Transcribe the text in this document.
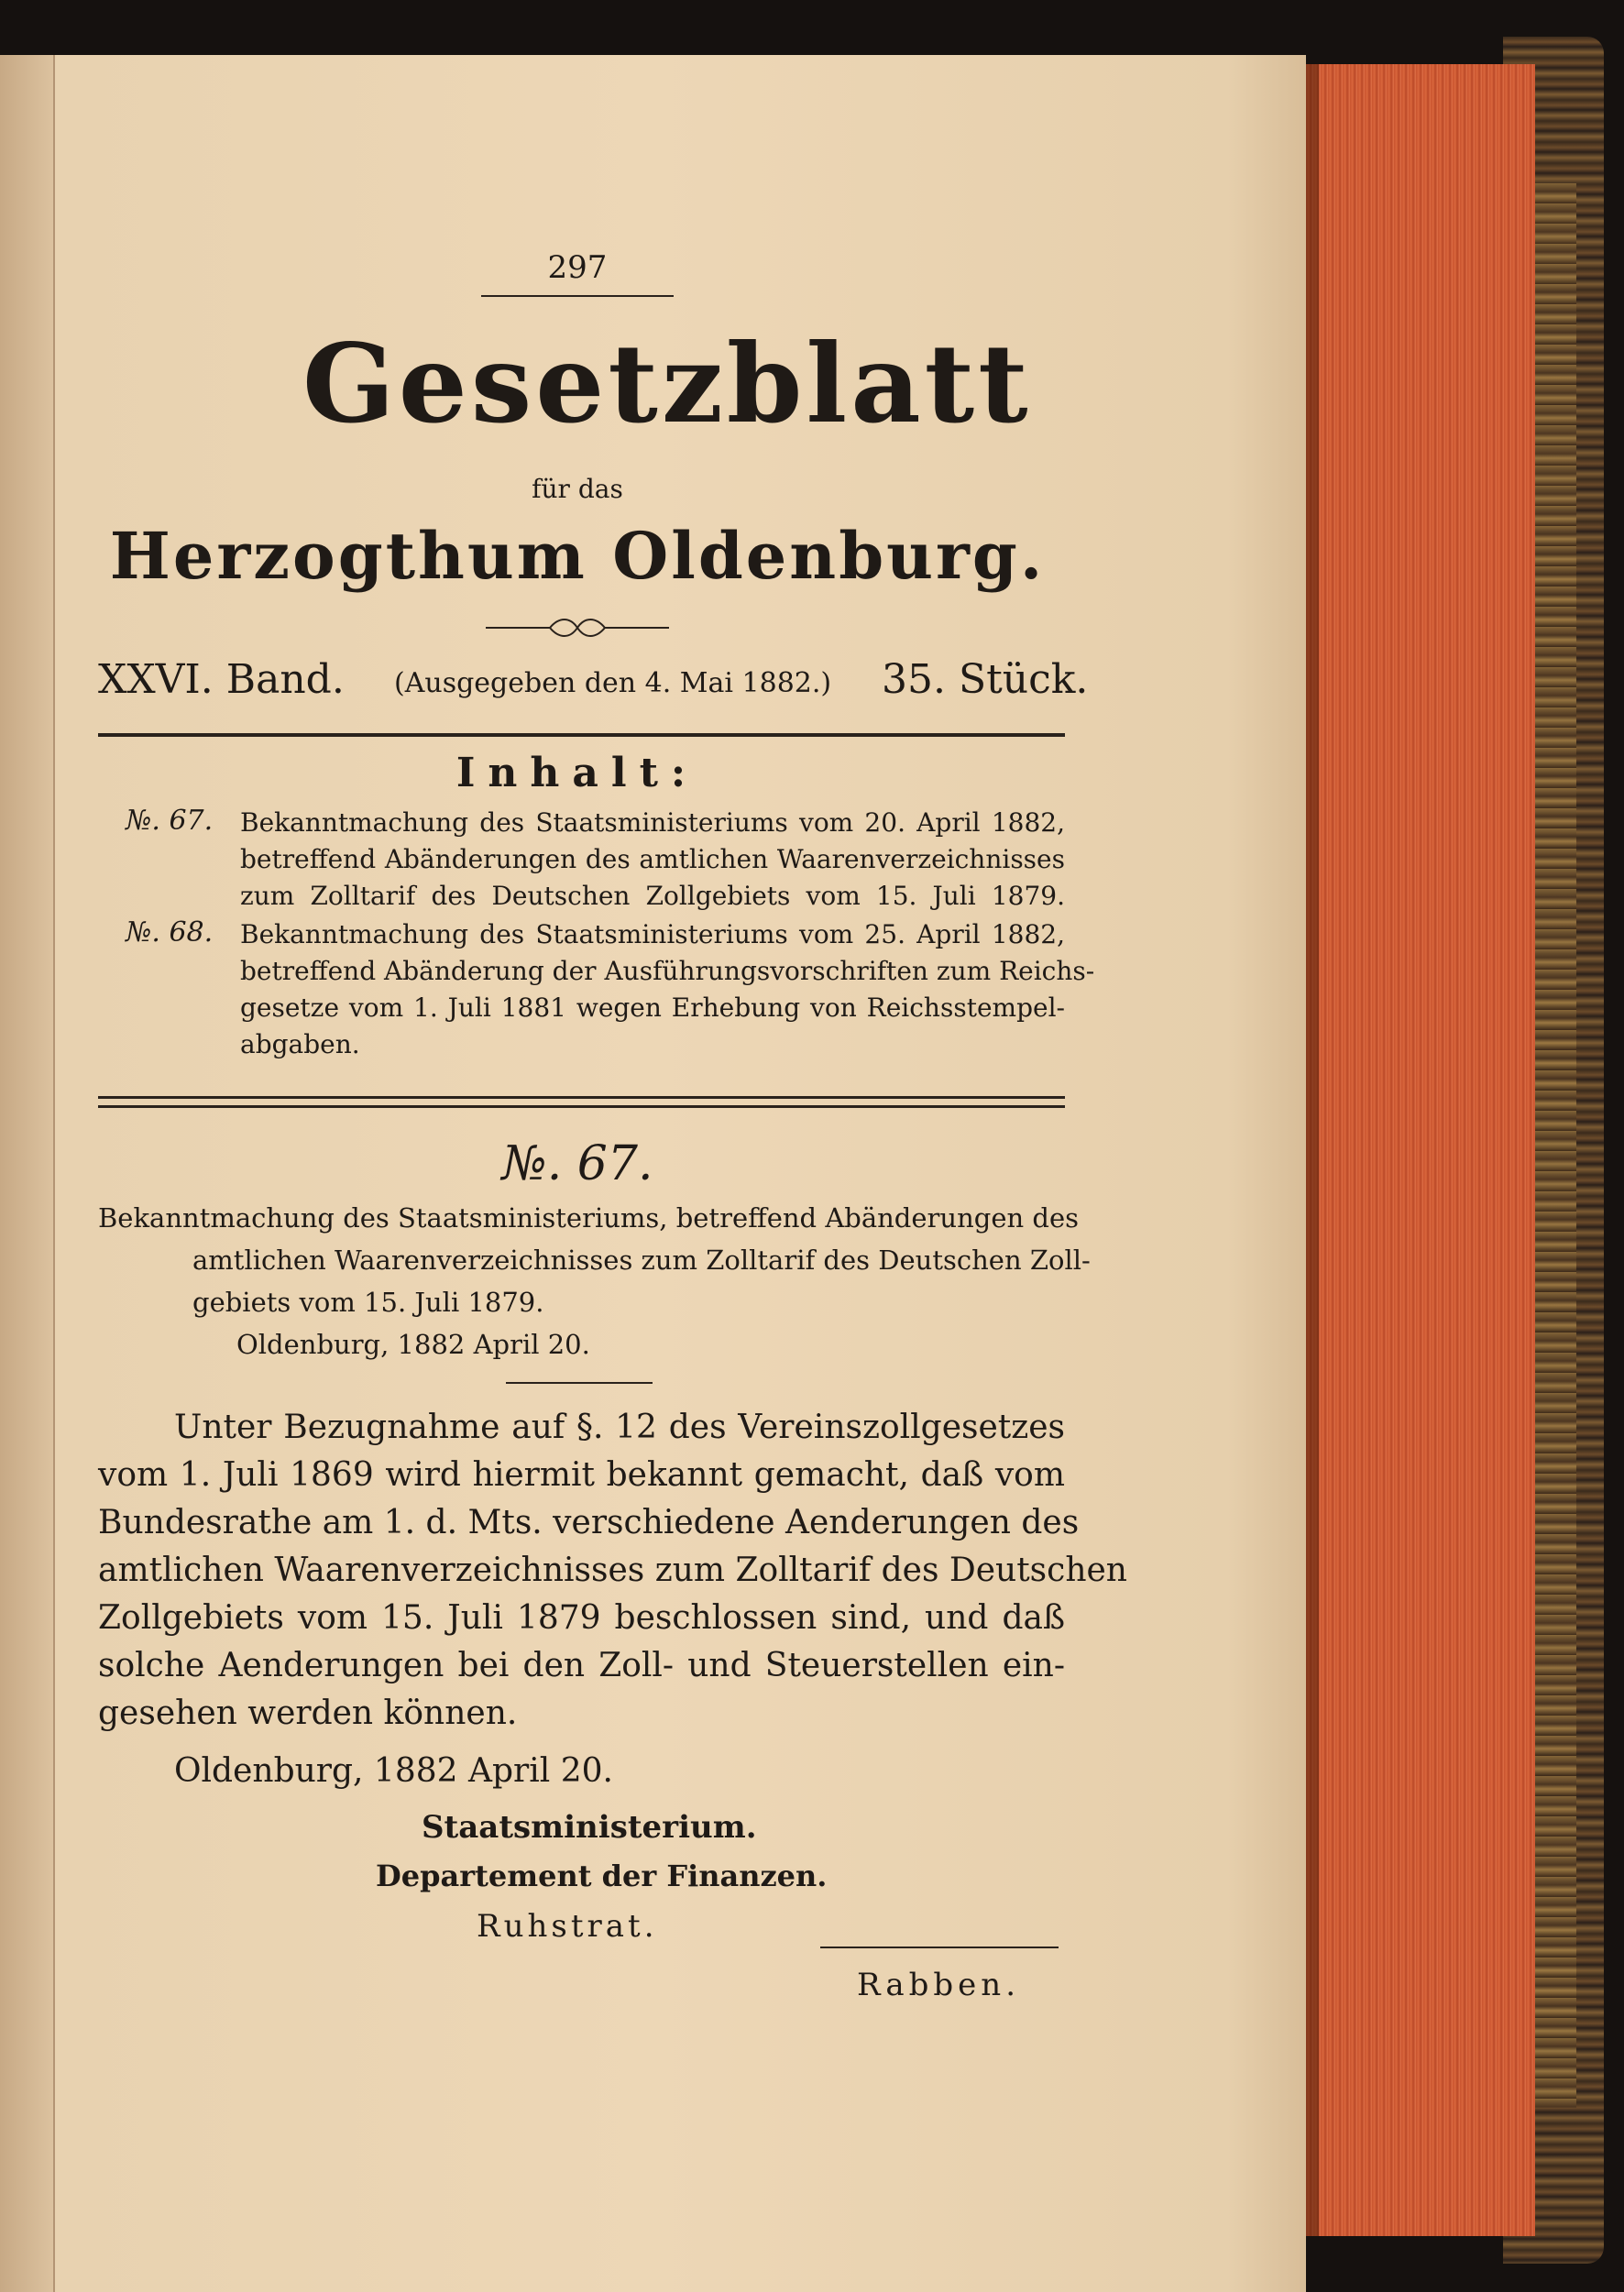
297
Gesetzblatt
für das
Herzogthum Oldenburg.
XXVI. Band. (Ausgegeben den 4. Mai 1882.) 35. Stück.
Inhalt:
№. 67. Bekanntmachung des Staatsministeriums vom 20. April 1882,
betreffend Abänderungen des amtlichen Waarenverzeichnisses
zum Zolltarif des Deutschen Zollgebiets vom 15. Juli 1879.
№. 68. Bekanntmachung des Staatsministeriums vom 25. April 1882,
betreffend Abänderung der Ausführungsvorschriften zum Reichs-
gesetze vom 1. Juli 1881 wegen Erhebung von Reichsstempel-
abgaben.
№. 67.
Bekanntmachung des Staatsministeriums, betreffend Abänderungen des
amtlichen Waarenverzeichnisses zum Zolltarif des Deutschen Zoll-
gebiets vom 15. Juli 1879.
Oldenburg, 1882 April 20.
Unter Bezugnahme auf §. 12 des Vereinszollgesetzes
vom 1. Juli 1869 wird hiermit bekannt gemacht, daß vom
Bundesrathe am 1. d. Mts. verschiedene Aenderungen des
amtlichen Waarenverzeichnisses zum Zolltarif des Deutschen
Zollgebiets vom 15. Juli 1879 beschlossen sind, und daß
solche Aenderungen bei den Zoll- und Steuerstellen ein-
gesehen werden können.
Oldenburg, 1882 April 20.
Staatsministerium.
Departement der Finanzen.
Ruhstrat.
Rabben.
